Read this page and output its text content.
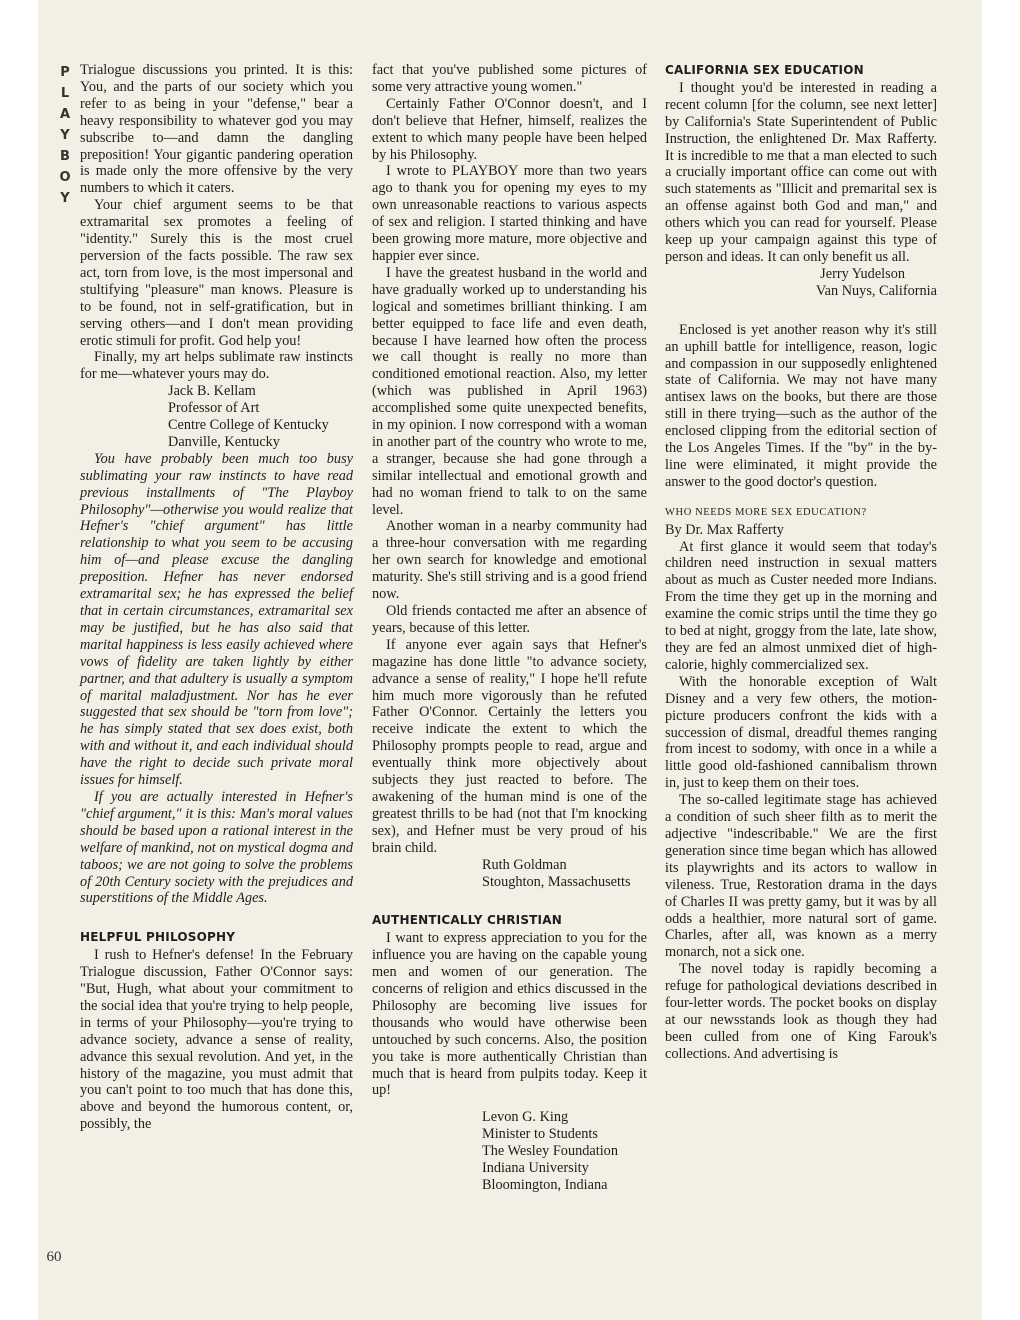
P
L
A
Y
B
O
Y
60

Trialogue discussions you printed. It is this: You, and the parts of our society which you refer to as being in your "defense," bear a heavy responsibility to whatever god you may subscribe to—and damn the dangling preposition! Your gigantic pandering operation is made only the more offensive by the very numbers to which it caters.

Your chief argument seems to be that extramarital sex promotes a feeling of "identity." Surely this is the most cruel perversion of the facts possible. The raw sex act, torn from love, is the most impersonal and stultifying "pleasure" man knows. Pleasure is to be found, not in self-gratification, but in serving others—and I don't mean providing erotic stimuli for profit. God help you!

Finally, my art helps sublimate raw instincts for me—whatever yours may do.

Jack B. Kellam
Professor of Art
Centre College of Kentucky
Danville, Kentucky

You have probably been much too busy sublimating your raw instincts to have read previous installments of "The Playboy Philosophy"—otherwise you would realize that Hefner's "chief argument" has little relationship to what you seem to be accusing him of—and please excuse the dangling preposition. Hefner has never endorsed extramarital sex; he has expressed the belief that in certain circumstances, extramarital sex may be justified, but he has also said that marital happiness is less easily achieved where vows of fidelity are taken lightly by either partner, and that adultery is usually a symptom of marital maladjustment. Nor has he ever suggested that sex should be "torn from love"; he has simply stated that sex does exist, both with and without it, and each individual should have the right to decide such private moral issues for himself.

If you are actually interested in Hefner's "chief argument," it is this: Man's moral values should be based upon a rational interest in the welfare of mankind, not on mystical dogma and taboos; we are not going to solve the problems of 20th Century society with the prejudices and superstitions of the Middle Ages.

HELPFUL PHILOSOPHY

I rush to Hefner's defense! In the February Trialogue discussion, Father O'Connor says: "But, Hugh, what about your commitment to the social idea that you're trying to help people, in terms of your Philosophy—you're trying to advance society, advance a sense of reality, advance this sexual revolution. And yet, in the history of the magazine, you must admit that you can't point to too much that has done this, above and beyond the humorous content, or, possibly, the

fact that you've published some pictures of some very attractive young women."

Certainly Father O'Connor doesn't, and I don't believe that Hefner, himself, realizes the extent to which many people have been helped by his Philosophy.

I wrote to PLAYBOY more than two years ago to thank you for opening my eyes to my own unreasonable reactions to various aspects of sex and religion. I started thinking and have been growing more mature, more objective and happier ever since.

I have the greatest husband in the world and have gradually worked up to understanding his logical and sometimes brilliant thinking. I am better equipped to face life and even death, because I have learned how often the process we call thought is really no more than conditioned emotional reaction. Also, my letter (which was published in April 1963) accomplished some quite unexpected benefits, in my opinion. I now correspond with a woman in another part of the country who wrote to me, a stranger, because she had gone through a similar intellectual and emotional growth and had no woman friend to talk to on the same level.

Another woman in a nearby community had a three-hour conversation with me regarding her own search for knowledge and emotional maturity. She's still striving and is a good friend now.

Old friends contacted me after an absence of years, because of this letter.

If anyone ever again says that Hefner's magazine has done little "to advance society, advance a sense of reality," I hope he'll refute him much more vigorously than he refuted Father O'Connor. Certainly the letters you receive indicate the extent to which the Philosophy prompts people to read, argue and eventually think more objectively about subjects they just reacted to before. The awakening of the human mind is one of the greatest thrills to be had (not that I'm knocking sex), and Hefner must be very proud of his brain child.

Ruth Goldman
Stoughton, Massachusetts
AUTHENTICALLY CHRISTIAN

I want to express appreciation to you for the influence you are having on the capable young men and women of our generation. The concerns of religion and ethics discussed in the Philosophy are becoming live issues for thousands who would have otherwise been untouched by such concerns. Also, the position you take is more authentically Christian than much that is heard from pulpits today. Keep it up!

Levon G. King
Minister to Students
The Wesley Foundation
Indiana University
Bloomington, Indiana
CALIFORNIA SEX EDUCATION

I thought you'd be interested in reading a recent column [for the column, see next letter] by California's State Superintendent of Public Instruction, the enlightened Dr. Max Rafferty. It is incredible to me that a man elected to such a crucially important office can come out with such statements as "Illicit and premarital sex is an offense against both God and man," and others which you can read for yourself. Please keep up your campaign against this type of person and ideas. It can only benefit us all.

Jerry Yudelson
Van Nuys, California

Enclosed is yet another reason why it's still an uphill battle for intelligence, reason, logic and compassion in our supposedly enlightened state of California. We may not have many antisex laws on the books, but there are those still in there trying—such as the author of the enclosed clipping from the editorial section of the Los Angeles Times. If the "by" in the by-line were eliminated, it might provide the answer to the good doctor's question.

WHO NEEDS MORE SEX EDUCATION?

By Dr. Max Rafferty

At first glance it would seem that today's children need instruction in sexual matters about as much as Custer needed more Indians. From the time they get up in the morning and examine the comic strips until the time they go to bed at night, groggy from the late, late show, they are fed an almost unmixed diet of high-calorie, highly commercialized sex.

With the honorable exception of Walt Disney and a very few others, the motion-picture producers confront the kids with a succession of dismal, dreadful themes ranging from incest to sodomy, with once in a while a little good old-fashioned cannibalism thrown in, just to keep them on their toes.

The so-called legitimate stage has achieved a condition of such sheer filth as to merit the adjective "indescribable." We are the first generation since time began which has allowed its playwrights and its actors to wallow in vileness. True, Restoration drama in the days of Charles II was pretty gamy, but it was by all odds a healthier, more natural sort of game. Charles, after all, was known as a merry monarch, not a sick one.

The novel today is rapidly becoming a refuge for pathological deviations described in four-letter words. The pocket books on display at our newsstands look as though they had been culled from one of King Farouk's collections. And advertising is
